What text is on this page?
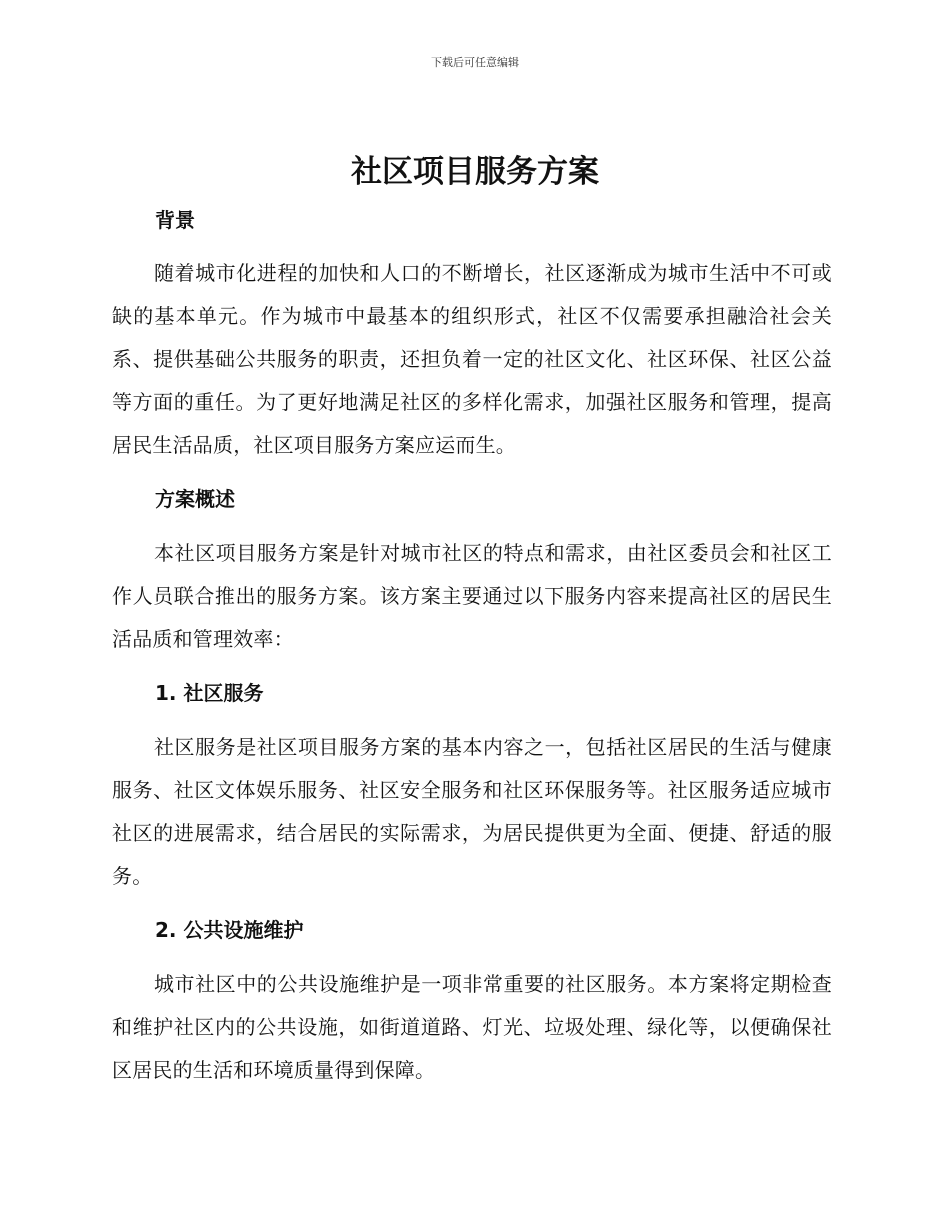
下载后可任意编辑
社区项目服务方案
背景

随着城市化进程的加快和人口的不断增长，社区逐渐成为城市生活中不可或缺的基本单元。作为城市中最基本的组织形式，社区不仅需要承担融洽社会关系、提供基础公共服务的职责，还担负着一定的社区文化、社区环保、社区公益等方面的重任。为了更好地满足社区的多样化需求，加强社区服务和管理，提高居民生活品质，社区项目服务方案应运而生。

方案概述

本社区项目服务方案是针对城市社区的特点和需求，由社区委员会和社区工作人员联合推出的服务方案。该方案主要通过以下服务内容来提高社区的居民生活品质和管理效率：

1. 社区服务

社区服务是社区项目服务方案的基本内容之一，包括社区居民的生活与健康服务、社区文体娱乐服务、社区安全服务和社区环保服务等。社区服务适应城市社区的进展需求，结合居民的实际需求，为居民提供更为全面、便捷、舒适的服务。

2. 公共设施维护

城市社区中的公共设施维护是一项非常重要的社区服务。本方案将定期检查和维护社区内的公共设施，如街道道路、灯光、垃圾处理、绿化等，以便确保社区居民的生活和环境质量得到保障。
